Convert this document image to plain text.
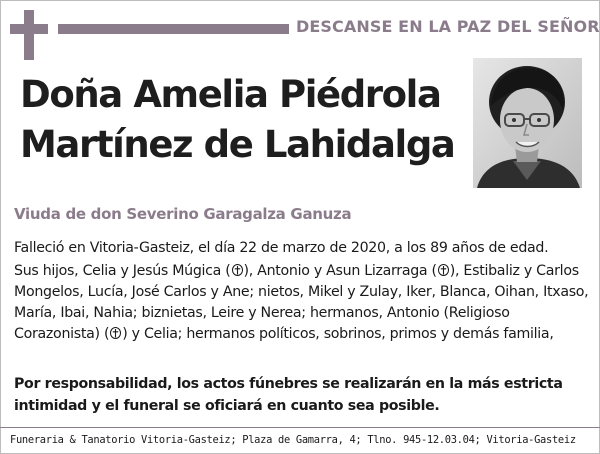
DESCANSE EN LA PAZ DEL SEÑOR
Doña Amelia Piédrola
Martínez de Lahidalga
Viuda de don Severino Garagalza Ganuza

Falleció en Vitoria-Gasteiz, el día 22 de marzo de 2020, a los 89 años de edad.

Sus hijos, Celia y Jesús Múgica ( ), Antonio y Asun Lizarraga ( ), Estibaliz y Carlos Mongelos, Lucía, José Carlos y Ane; nietos, Mikel y Zulay, Iker, Blanca, Oihan, Itxaso, María, Ibai, Nahia; biznietas, Leire y Nerea; hermanos, Antonio (Religioso Corazonista) ( ) y Celia; hermanos políticos, sobrinos, primos y demás familia,

Por responsabilidad, los actos fúnebres se realizarán en la más estricta intimidad y el funeral se oficiará en cuanto sea posible.
Funeraria & Tanatorio Vitoria-Gasteiz; Plaza de Gamarra, 4; Tlno. 945-12.03.04; Vitoria-Gasteiz
